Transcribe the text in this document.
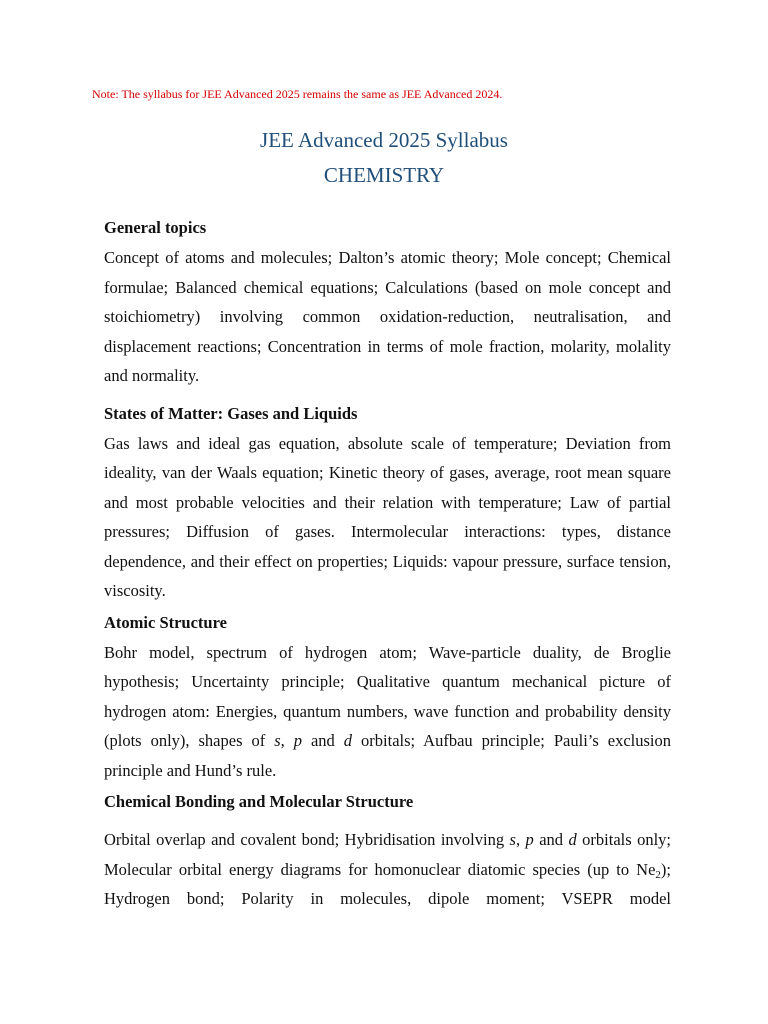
Note: The syllabus for JEE Advanced 2025 remains the same as JEE Advanced 2024.
JEE Advanced 2025 Syllabus
CHEMISTRY

General topics

Concept of atoms and molecules; Dalton’s atomic theory; Mole concept; Chemical formulae; Balanced chemical equations; Calculations (based on mole concept and stoichiometry) involving common oxidation-reduction, neutralisation, and displacement reactions; Concentration in terms of mole fraction, molarity, molality and normality.

States of Matter: Gases and Liquids

Gas laws and ideal gas equation, absolute scale of temperature; Deviation from ideality, van der Waals equation; Kinetic theory of gases, average, root mean square and most probable velocities and their relation with temperature; Law of partial pressures; Diffusion of gases. Intermolecular interactions: types, distance dependence, and their effect on properties; Liquids: vapour pressure, surface tension, viscosity.

Atomic Structure

Bohr model, spectrum of hydrogen atom; Wave-particle duality, de Broglie hypothesis; Uncertainty principle; Qualitative quantum mechanical picture of hydrogen atom: Energies, quantum numbers, wave function and probability density (plots only), shapes of s, p and d orbitals; Aufbau principle; Pauli’s exclusion principle and Hund’s rule.

Chemical Bonding and Molecular Structure

Orbital overlap and covalent bond; Hybridisation involving s, p and d orbitals only; Molecular orbital energy diagrams for homonuclear diatomic species (up to $Ne_2$); Hydrogen bond; Polarity in molecules, dipole moment; VSEPR model
